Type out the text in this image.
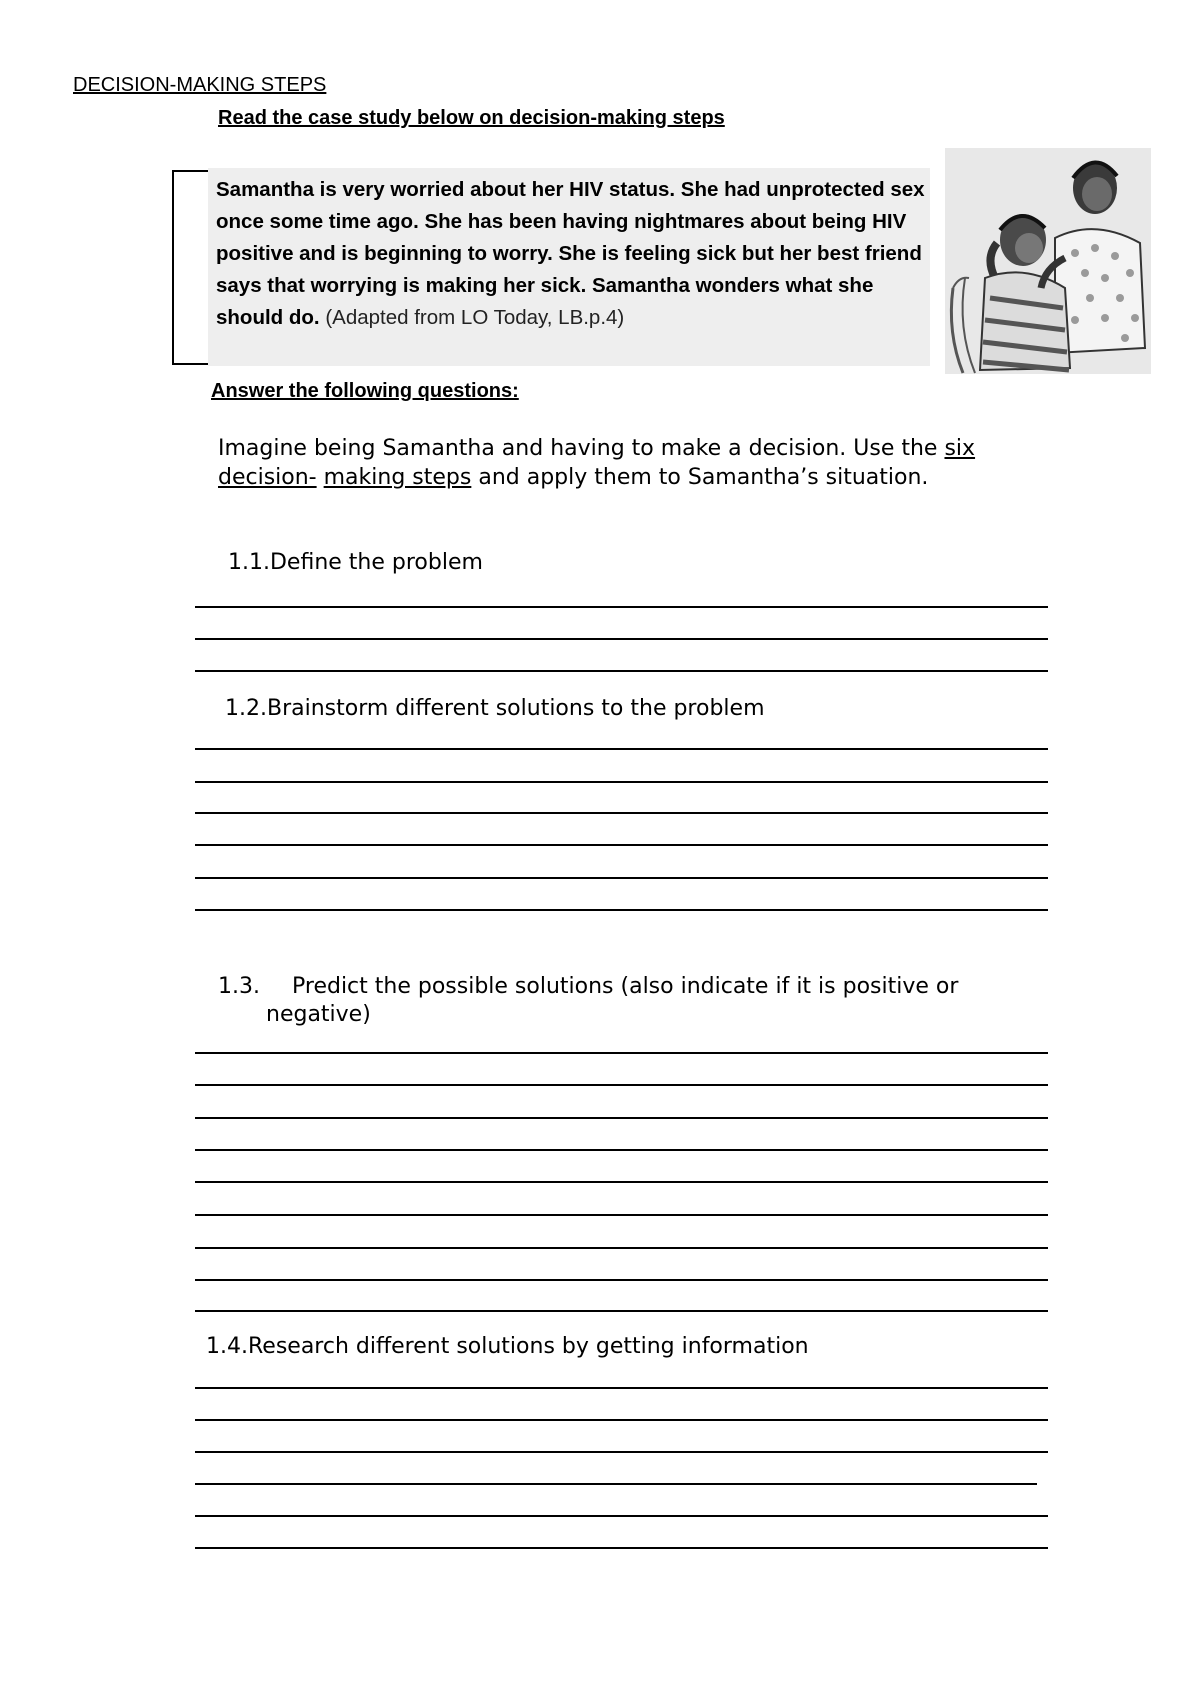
DECISION-MAKING STEPS
Read the case study below on decision-making steps
Samantha is very worried about her HIV status. She had unprotected sex once some time ago. She has been having nightmares about being HIV positive and is beginning to worry. She is feeling sick but her best friend says that worrying is making her sick. Samantha wonders what she should do. (Adapted from LO Today, LB.p.4)
Answer the following questions:
Imagine being Samantha and having to make a decision. Use the six decision- making steps and apply them to Samantha’s situation.
1.1.Define the problem
1.2.Brainstorm different solutions to the problem
1.3. Predict the possible solutions (also indicate if it is positive or
negative)
1.4.Research different solutions by getting information
